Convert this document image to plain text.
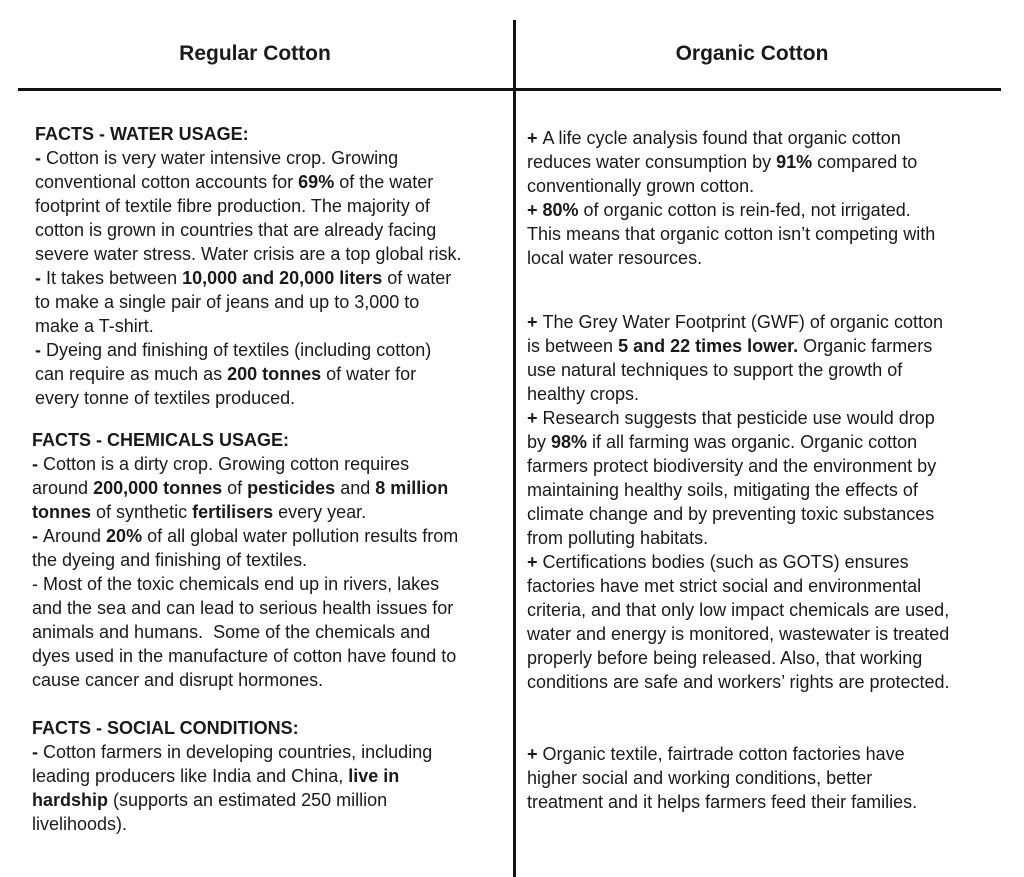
Regular Cotton	Organic Cotton
FACTS - WATER USAGE:
- Cotton is very water intensive crop. Growing
conventional cotton accounts for 69% of the water
footprint of textile fibre production. The majority of
cotton is grown in countries that are already facing
severe water stress. Water crisis are a top global risk.
- It takes between 10,000 and 20,000 liters of water
to make a single pair of jeans and up to 3,000 to
make a T-shirt.
- Dyeing and finishing of textiles (including cotton)
can require as much as 200 tonnes of water for
every tonne of textiles produced.
FACTS - CHEMICALS USAGE:
- Cotton is a dirty crop. Growing cotton requires
around 200,000 tonnes of pesticides and 8 million
tonnes of synthetic fertilisers every year.
- Around 20% of all global water pollution results from
the dyeing and finishing of textiles.
- Most of the toxic chemicals end up in rivers, lakes
and the sea and can lead to serious health issues for
animals and humans.  Some of the chemicals and
dyes used in the manufacture of cotton have found to
cause cancer and disrupt hormones.
FACTS - SOCIAL CONDITIONS:
- Cotton farmers in developing countries, including
leading producers like India and China, live in
hardship (supports an estimated 250 million
livelihoods).
+ A life cycle analysis found that organic cotton
reduces water consumption by 91% compared to
conventionally grown cotton.
+ 80% of organic cotton is rein-fed, not irrigated.
This means that organic cotton isn’t competing with
local water resources.
+ The Grey Water Footprint (GWF) of organic cotton
is between 5 and 22 times lower. Organic farmers
use natural techniques to support the growth of
healthy crops.
+ Research suggests that pesticide use would drop
by 98% if all farming was organic. Organic cotton
farmers protect biodiversity and the environment by
maintaining healthy soils, mitigating the effects of
climate change and by preventing toxic substances
from polluting habitats.
+ Certifications bodies (such as GOTS) ensures
factories have met strict social and environmental
criteria, and that only low impact chemicals are used,
water and energy is monitored, wastewater is treated
properly before being released. Also, that working
conditions are safe and workers’ rights are protected.
+ Organic textile, fairtrade cotton factories have
higher social and working conditions, better
treatment and it helps farmers feed their families.
